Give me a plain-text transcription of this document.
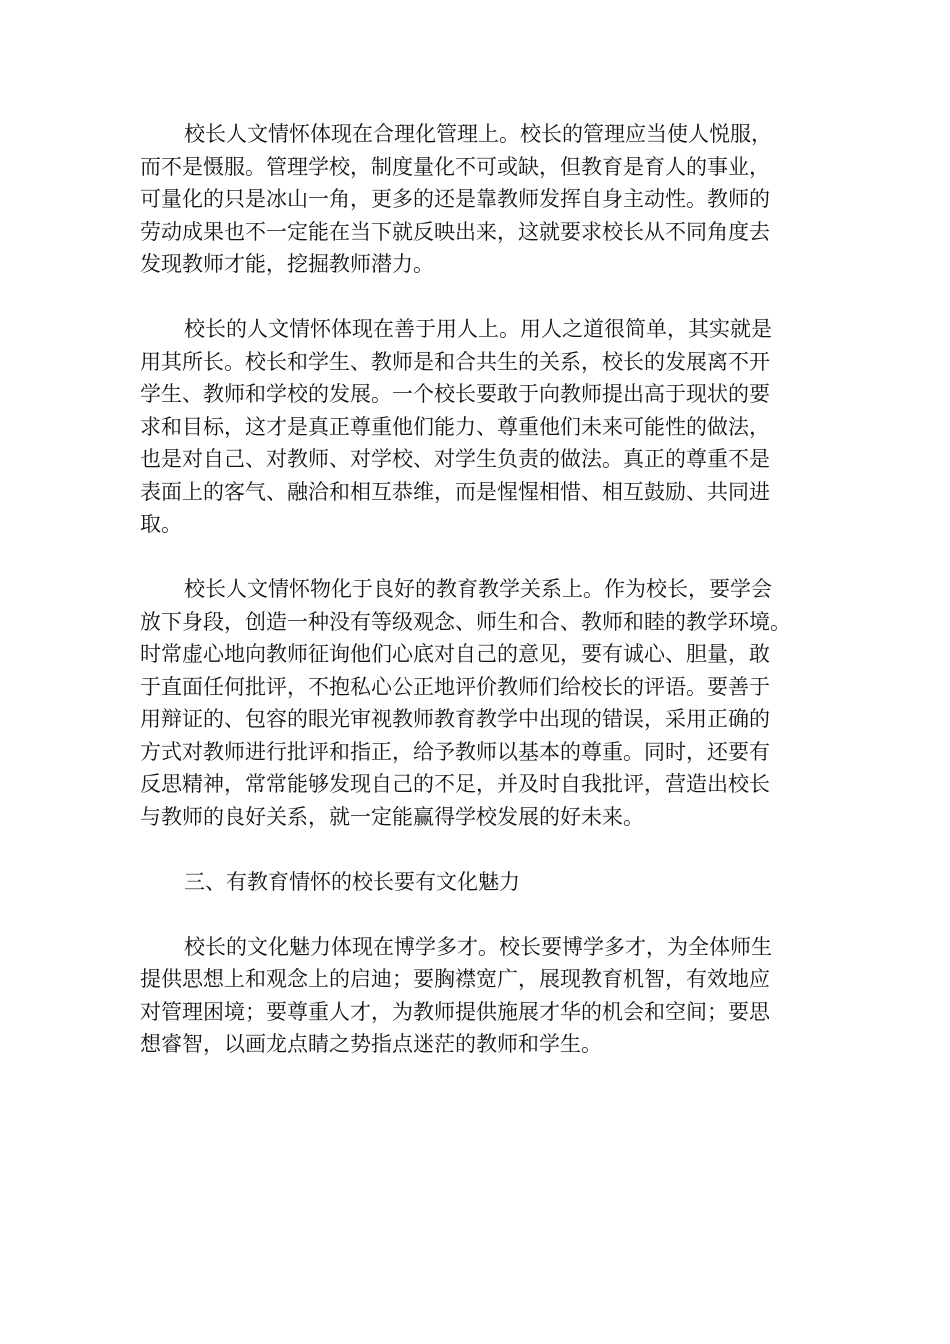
校长人文情怀体现在合理化管理上。校长的管理应当使人悦服，
而不是慑服。管理学校，制度量化不可或缺，但教育是育人的事业，
可量化的只是冰山一角，更多的还是靠教师发挥自身主动性。教师的
劳动成果也不一定能在当下就反映出来，这就要求校长从不同角度去
发现教师才能，挖掘教师潜力。
校长的人文情怀体现在善于用人上。用人之道很简单，其实就是
用其所长。校长和学生、教师是和合共生的关系，校长的发展离不开
学生、教师和学校的发展。一个校长要敢于向教师提出高于现状的要
求和目标，这才是真正尊重他们能力、尊重他们未来可能性的做法，
也是对自己、对教师、对学校、对学生负责的做法。真正的尊重不是
表面上的客气、融洽和相互恭维，而是惺惺相惜、相互鼓励、共同进
取。
校长人文情怀物化于良好的教育教学关系上。作为校长，要学会
放下身段，创造一种没有等级观念、师生和合、教师和睦的教学环境。
时常虚心地向教师征询他们心底对自己的意见，要有诚心、胆量，敢
于直面任何批评，不抱私心公正地评价教师们给校长的评语。要善于
用辩证的、包容的眼光审视教师教育教学中出现的错误，采用正确的
方式对教师进行批评和指正，给予教师以基本的尊重。同时，还要有
反思精神，常常能够发现自己的不足，并及时自我批评，营造出校长
与教师的良好关系，就一定能赢得学校发展的好未来。
三、有教育情怀的校长要有文化魅力
校长的文化魅力体现在博学多才。校长要博学多才，为全体师生
提供思想上和观念上的启迪；要胸襟宽广，展现教育机智，有效地应
对管理困境；要尊重人才，为教师提供施展才华的机会和空间；要思
想睿智，以画龙点睛之势指点迷茫的教师和学生。
